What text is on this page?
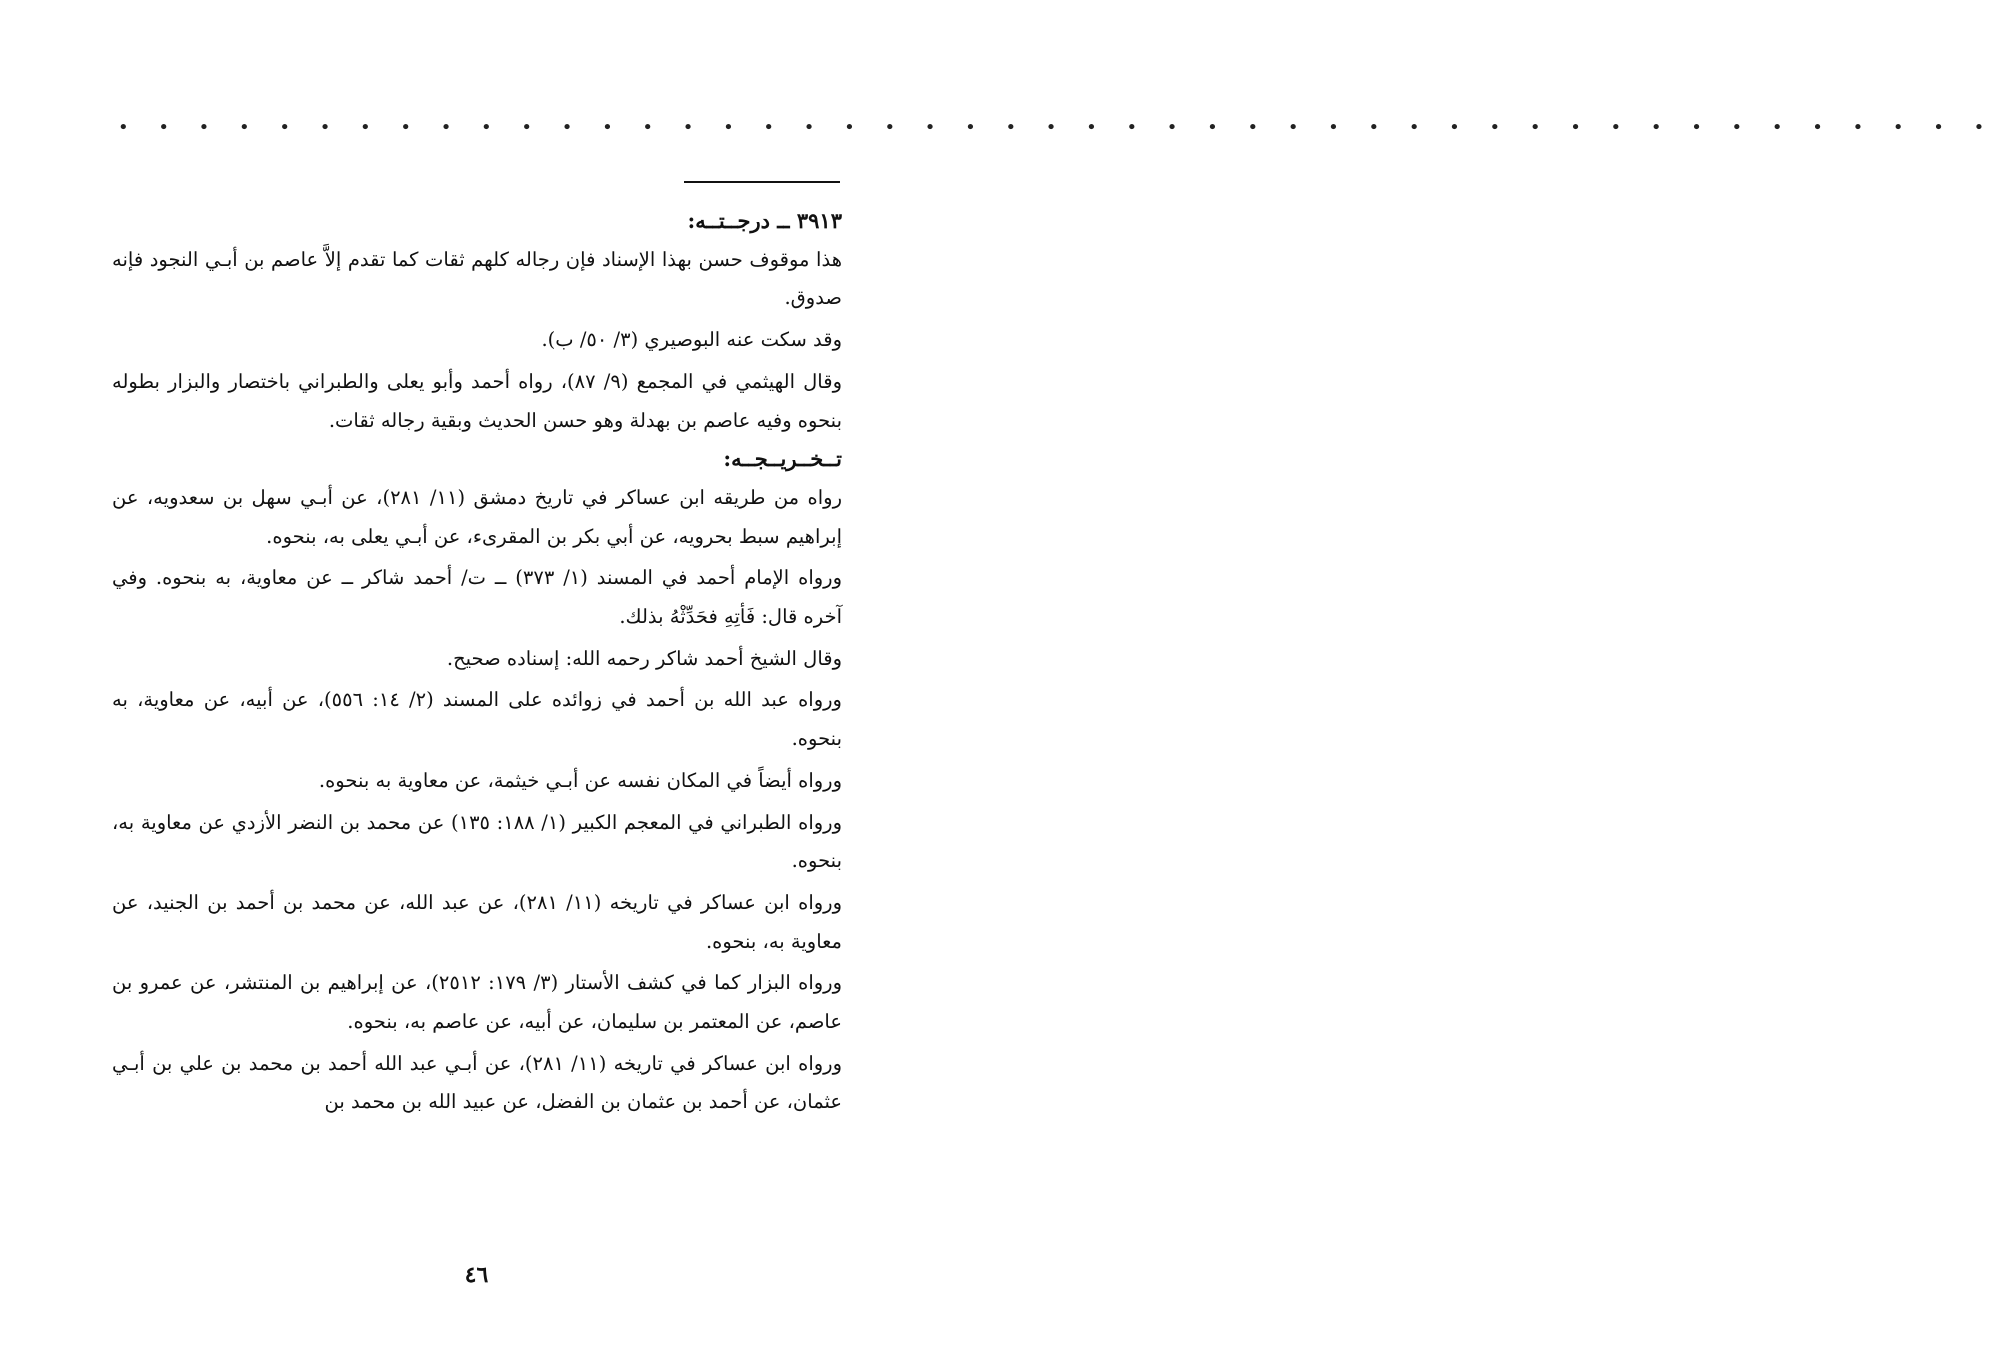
• • • • • • • • • • • • • • • • • • • • • • • • • • • • • • • • • • • • • • • • • • • • • • •

٣٩١٣ ــ درجــتــه:

هذا موقوف حسن بهذا الإسناد فإن رجاله كلهم ثقات كما تقدم إلاَّ عاصم بن أبـي النجود فإنه صدوق.

وقد سكت عنه البوصيري (٣/ ٥٠/ ب).

وقال الهيثمي في المجمع (٩/ ٨٧)، رواه أحمد وأبو يعلى والطبراني باختصار والبزار بطوله بنحوه وفيه عاصم بن بهدلة وهو حسن الحديث وبقية رجاله ثقات.

تــخــريــجــه:

رواه من طريقه ابن عساكر في تاريخ دمشق (١١/ ٢٨١)، عن أبـي سهل بن سعدويه، عن إبراهيم سبط بحرويه، عن أبي بكر بن المقرىء، عن أبـي يعلى به، بنحوه.

ورواه الإمام أحمد في المسند (١/ ٣٧٣) ــ ت/ أحمد شاكر ــ عن معاوية، به بنحوه. وفي آخره قال: فَأتِهِ فحَدِّثْهُ بذلك.

وقال الشيخ أحمد شاكر رحمه الله: إسناده صحيح.

ورواه عبد الله بن أحمد في زوائده على المسند (٢/ ١٤: ٥٥٦)، عن أبيه، عن معاوية، به بنحوه.

ورواه أيضاً في المكان نفسه عن أبـي خيثمة، عن معاوية به بنحوه.

ورواه الطبراني في المعجم الكبير (١/ ١٨٨: ١٣٥) عن محمد بن النضر الأزدي عن معاوية به، بنحوه.

ورواه ابن عساكر في تاريخه (١١/ ٢٨١)، عن عبد الله، عن محمد بن أحمد بن الجنيد، عن معاوية به، بنحوه.

ورواه البزار كما في كشف الأستار (٣/ ١٧٩: ٢٥١٢)، عن إبراهيم بن المنتشر، عن عمرو بن عاصم، عن المعتمر بن سليمان، عن أبيه، عن عاصم به، بنحوه.

ورواه ابن عساكر في تاريخه (١١/ ٢٨١)، عن أبـي عبد الله أحمد بن محمد بن علي بن أبـي عثمان، عن أحمد بن عثمان بن الفضل، عن عبيد الله بن محمد بن

٤٦
